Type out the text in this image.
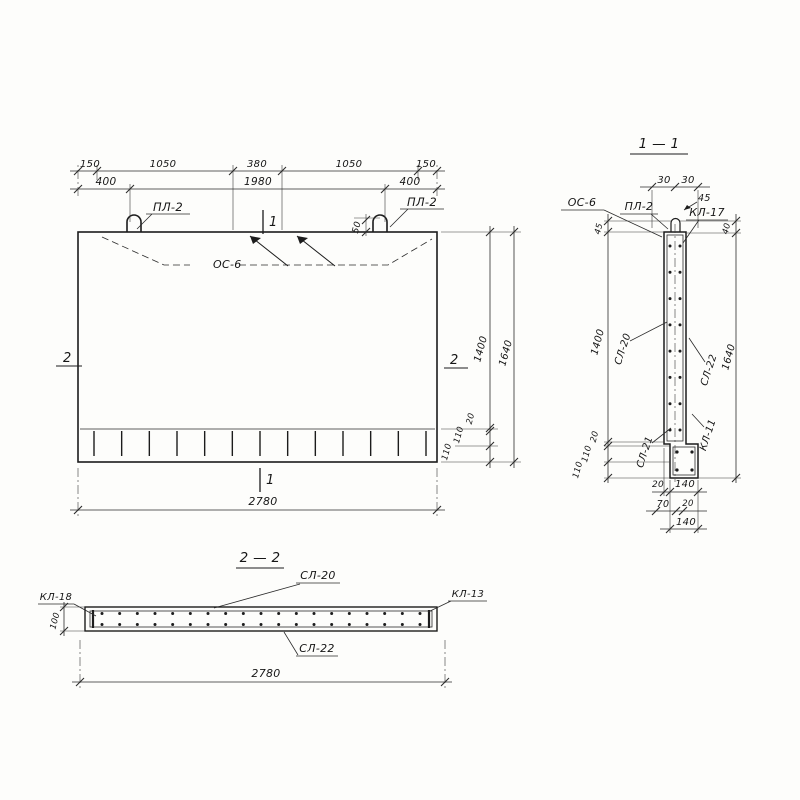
ПЛ-2	ПЛ-2
ОС-6
50
1
1
2	2
150	1050	380	1050	150
400	1980	400
1400
20
110
110
1640
2780
1 — 1
30 30
45
ОС-6	ПЛ-2	КЛ-17
СЛ-20
СЛ-22
СЛ-21	КЛ-11
45
1400
20
110
110
40
1640
20 140
70 20
140
2 — 2
СЛ-20
КЛ-18	КЛ-13
СЛ-22
100
2780
